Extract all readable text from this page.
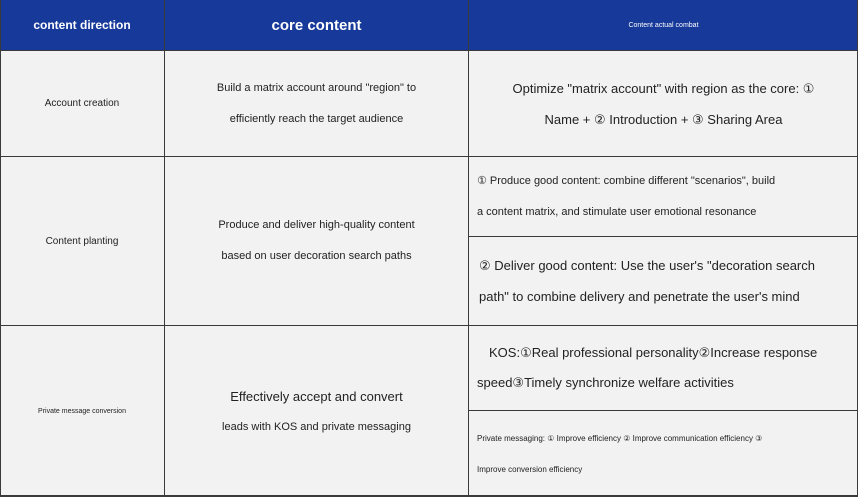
content direction	core content	Content actual combat
Account creation
Build a matrix account around "region" to
efficiently reach the target audience
Optimize "matrix account" with region as the core: ①
Name + ② Introduction + ③ Sharing Area
Content planting
Produce and deliver high-quality content
based on user decoration search paths
① Produce good content: combine different "scenarios", build
a content matrix, and stimulate user emotional resonance
② Deliver good content: Use the user's "decoration search
path" to combine delivery and penetrate the user's mind
Private message conversion
Effectively accept and convert
leads with KOS and private messaging
KOS:①Real professional personality②Increase response
speed③Timely synchronize welfare activities
Private messaging: ① Improve efficiency ② Improve communication efficiency ③
Improve conversion efficiency
